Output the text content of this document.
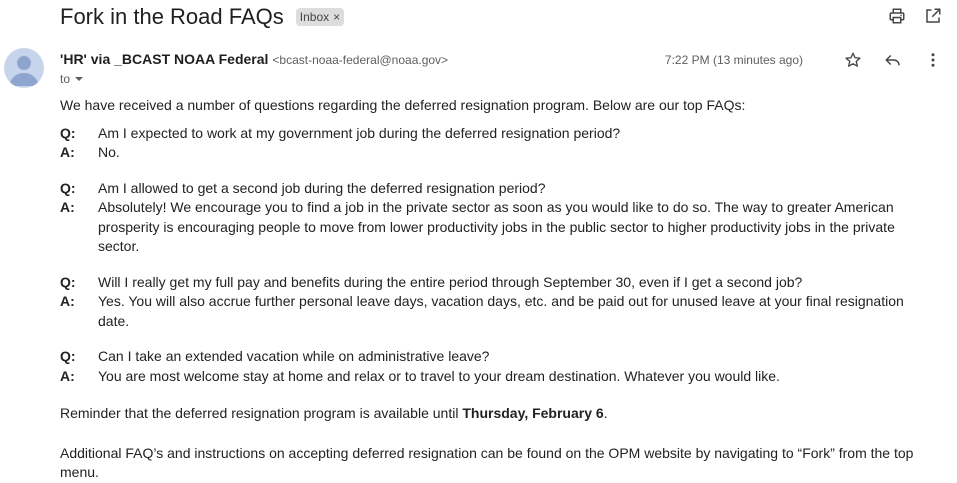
Fork in the Road FAQs Inbox ×
'HR' via _BCAST NOAA Federal <bcast-noaa-federal@noaa.gov>
to
7:22 PM (13 minutes ago)

We have received a number of questions regarding the deferred resignation program. Below are our top FAQs:

Q:	Am I expected to work at my government job during the deferred resignation period?
A:	No.
Q:	Am I allowed to get a second job during the deferred resignation period?
A:	Absolutely! We encourage you to find a job in the private sector as soon as you would like to do so. The way to greater American prosperity is encouraging people to move from lower productivity jobs in the public sector to higher productivity jobs in the private sector.
Q:	Will I really get my full pay and benefits during the entire period through September 30, even if I get a second job?
A:	Yes. You will also accrue further personal leave days, vacation days, etc. and be paid out for unused leave at your final resignation date.
Q:	Can I take an extended vacation while on administrative leave?
A:	You are most welcome stay at home and relax or to travel to your dream destination. Whatever you would like.

Reminder that the deferred resignation program is available until Thursday, February 6.

Additional FAQ’s and instructions on accepting deferred resignation can be found on the OPM website by navigating to “Fork” from the top menu.
